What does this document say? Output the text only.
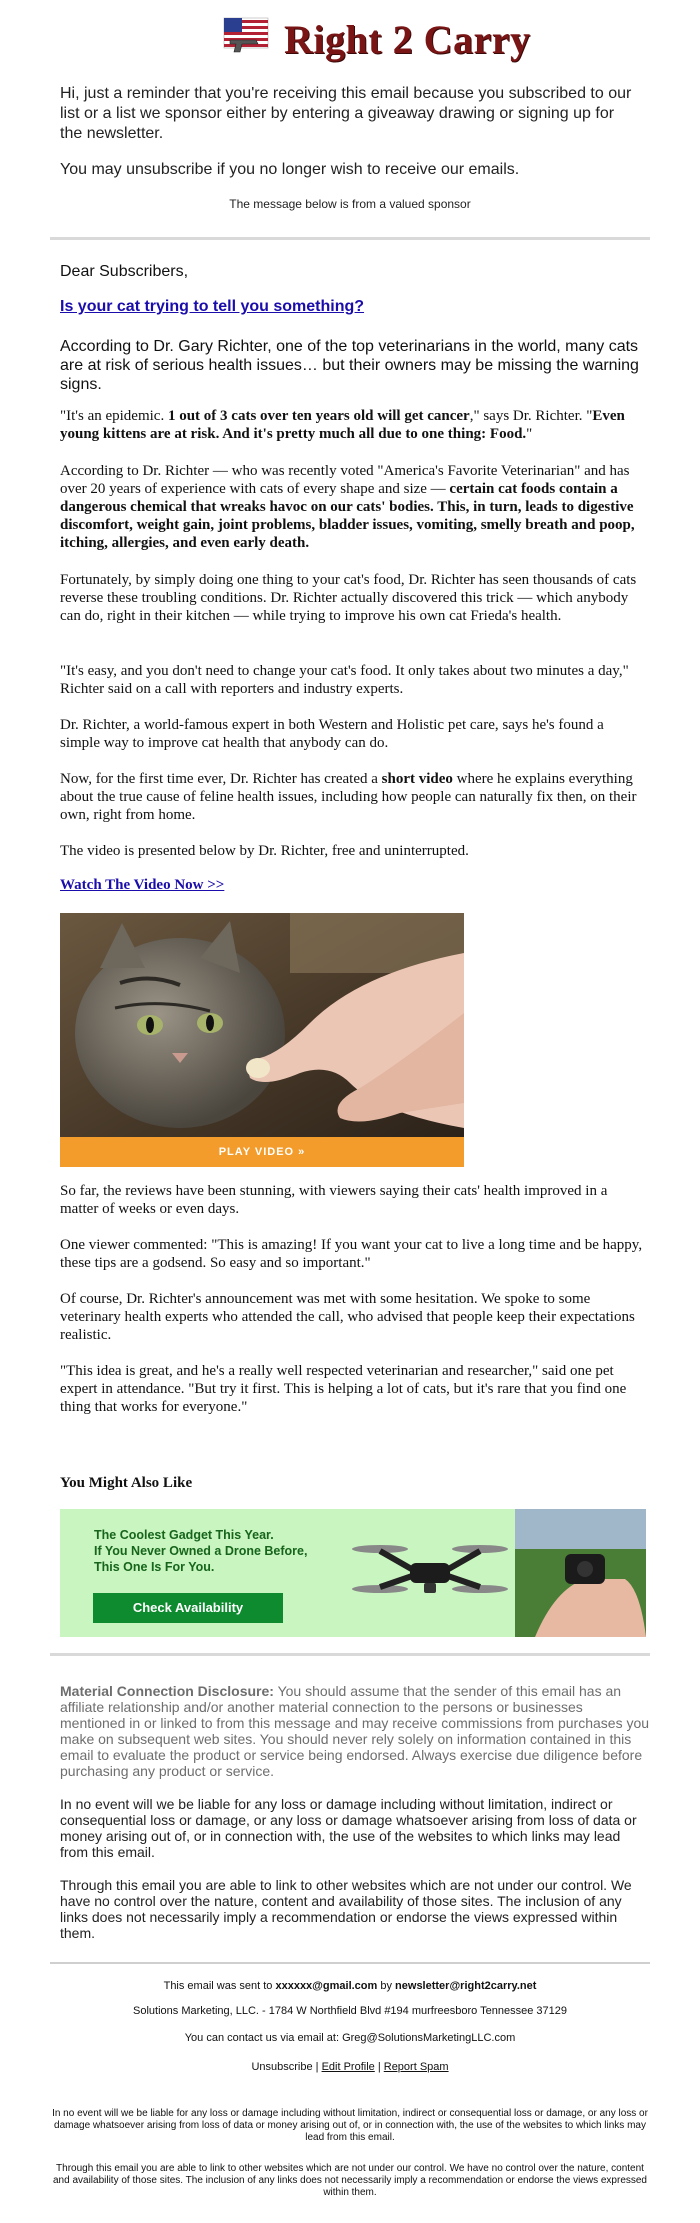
Right 2 Carry
Hi, just a reminder that you're receiving this email because you subscribed to our list or a list we sponsor either by entering a giveaway drawing or signing up for the newsletter.
You may unsubscribe if you no longer wish to receive our emails.
The message below is from a valued sponsor
Dear Subscribers,
Is your cat trying to tell you something?
According to Dr. Gary Richter, one of the top veterinarians in the world, many cats are at risk of serious health issues… but their owners may be missing the warning signs.
"It's an epidemic. 1 out of 3 cats over ten years old will get cancer," says Dr. Richter. "Even young kittens are at risk. And it's pretty much all due to one thing: Food."
According to Dr. Richter — who was recently voted "America's Favorite Veterinarian" and has over 20 years of experience with cats of every shape and size — certain cat foods contain a dangerous chemical that wreaks havoc on our cats' bodies. This, in turn, leads to digestive discomfort, weight gain, joint problems, bladder issues, vomiting, smelly breath and poop, itching, allergies, and even early death.
Fortunately, by simply doing one thing to your cat's food, Dr. Richter has seen thousands of cats reverse these troubling conditions. Dr. Richter actually discovered this trick — which anybody can do, right in their kitchen — while trying to improve his own cat Frieda's health.
"It's easy, and you don't need to change your cat's food. It only takes about two minutes a day," Richter said on a call with reporters and industry experts.
Dr. Richter, a world-famous expert in both Western and Holistic pet care, says he's found a simple way to improve cat health that anybody can do.
Now, for the first time ever, Dr. Richter has created a short video where he explains everything about the true cause of feline health issues, including how people can naturally fix then, on their own, right from home.
The video is presented below by Dr. Richter, free and uninterrupted.
Watch The Video Now >>
PLAY VIDEO »
So far, the reviews have been stunning, with viewers saying their cats' health improved in a matter of weeks or even days.
One viewer commented: "This is amazing! If you want your cat to live a long time and be happy, these tips are a godsend. So easy and so important."
Of course, Dr. Richter's announcement was met with some hesitation. We spoke to some veterinary health experts who attended the call, who advised that people keep their expectations realistic.
"This idea is great, and he's a really well respected veterinarian and researcher," said one pet expert in attendance. "But try it first. This is helping a lot of cats, but it's rare that you find one thing that works for everyone."
You Might Also Like
The Coolest Gadget This Year.
If You Never Owned a Drone Before,
This One Is For You.
Check Availability
Material Connection Disclosure: You should assume that the sender of this email has an affiliate relationship and/or another material connection to the persons or businesses mentioned in or linked to from this message and may receive commissions from purchases you make on subsequent web sites. You should never rely solely on information contained in this email to evaluate the product or service being endorsed. Always exercise due diligence before purchasing any product or service.
In no event will we be liable for any loss or damage including without limitation, indirect or consequential loss or damage, or any loss or damage whatsoever arising from loss of data or money arising out of, or in connection with, the use of the websites to which links may lead from this email.
Through this email you are able to link to other websites which are not under our control. We have no control over the nature, content and availability of those sites. The inclusion of any links does not necessarily imply a recommendation or endorse the views expressed within them.
This email was sent to xxxxxx@gmail.com by newsletter@right2carry.net
Solutions Marketing, LLC. - 1784 W Northfield Blvd #194 murfreesboro Tennessee 37129
You can contact us via email at: Greg@SolutionsMarketingLLC.com
Unsubscribe | Edit Profile | Report Spam
In no event will we be liable for any loss or damage including without limitation, indirect or consequential loss or damage, or any loss or damage whatsoever arising from loss of data or money arising out of, or in connection with, the use of the websites to which links may lead from this email.
Through this email you are able to link to other websites which are not under our control. We have no control over the nature, content and availability of those sites. The inclusion of any links does not necessarily imply a recommendation or endorse the views expressed within them.
